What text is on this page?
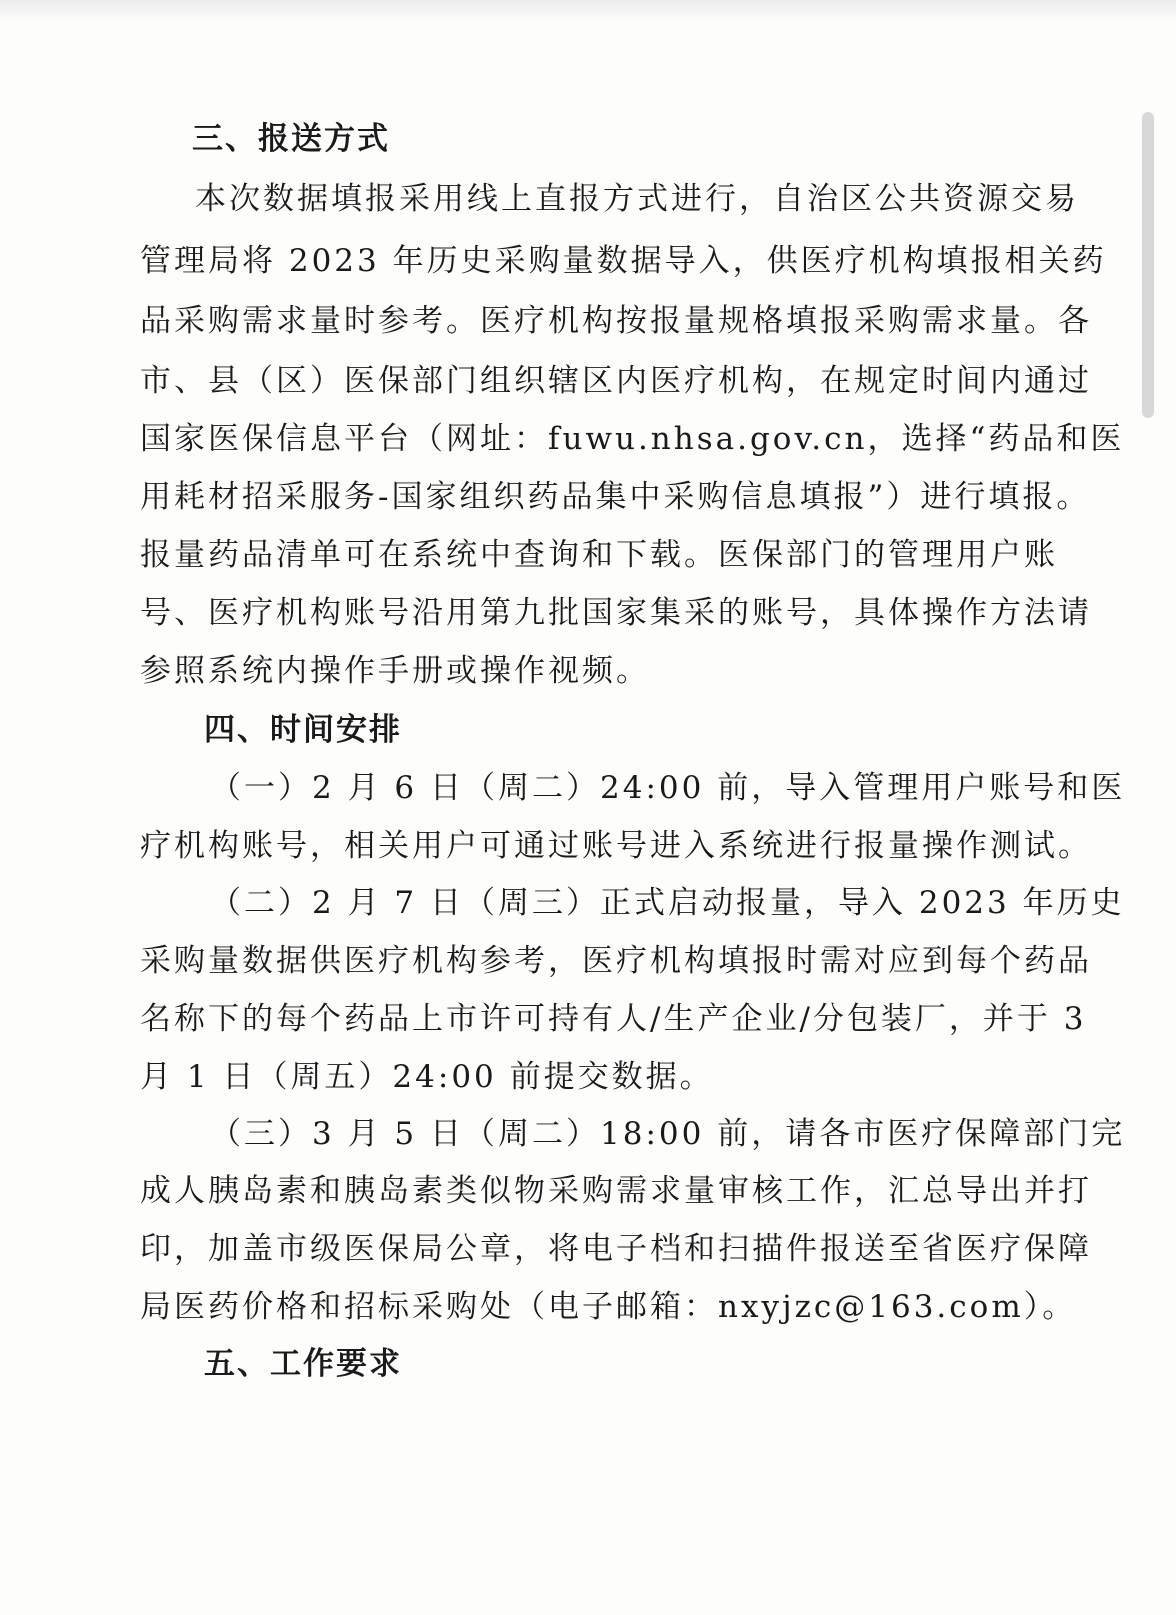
三、报送方式
本次数据填报采用线上直报方式进行，自治区公共资源交易
管理局将 2023 年历史采购量数据导入，供医疗机构填报相关药
品采购需求量时参考。医疗机构按报量规格填报采购需求量。各
市、县（区）医保部门组织辖区内医疗机构，在规定时间内通过
国家医保信息平台（网址：fuwu.nhsa.gov.cn，选择“药品和医
用耗材招采服务-国家组织药品集中采购信息填报”）进行填报。
报量药品清单可在系统中查询和下载。医保部门的管理用户账
号、医疗机构账号沿用第九批国家集采的账号，具体操作方法请
参照系统内操作手册或操作视频。
四、时间安排
（一）2 月 6 日（周二）24:00 前，导入管理用户账号和医
疗机构账号，相关用户可通过账号进入系统进行报量操作测试。
（二）2 月 7 日（周三）正式启动报量，导入 2023 年历史
采购量数据供医疗机构参考，医疗机构填报时需对应到每个药品
名称下的每个药品上市许可持有人/生产企业/分包装厂，并于 3
月 1 日（周五）24:00 前提交数据。
（三）3 月 5 日（周二）18:00 前，请各市医疗保障部门完
成人胰岛素和胰岛素类似物采购需求量审核工作，汇总导出并打
印，加盖市级医保局公章，将电子档和扫描件报送至省医疗保障
局医药价格和招标采购处（电子邮箱：nxyjzc@163.com）。
五、工作要求
